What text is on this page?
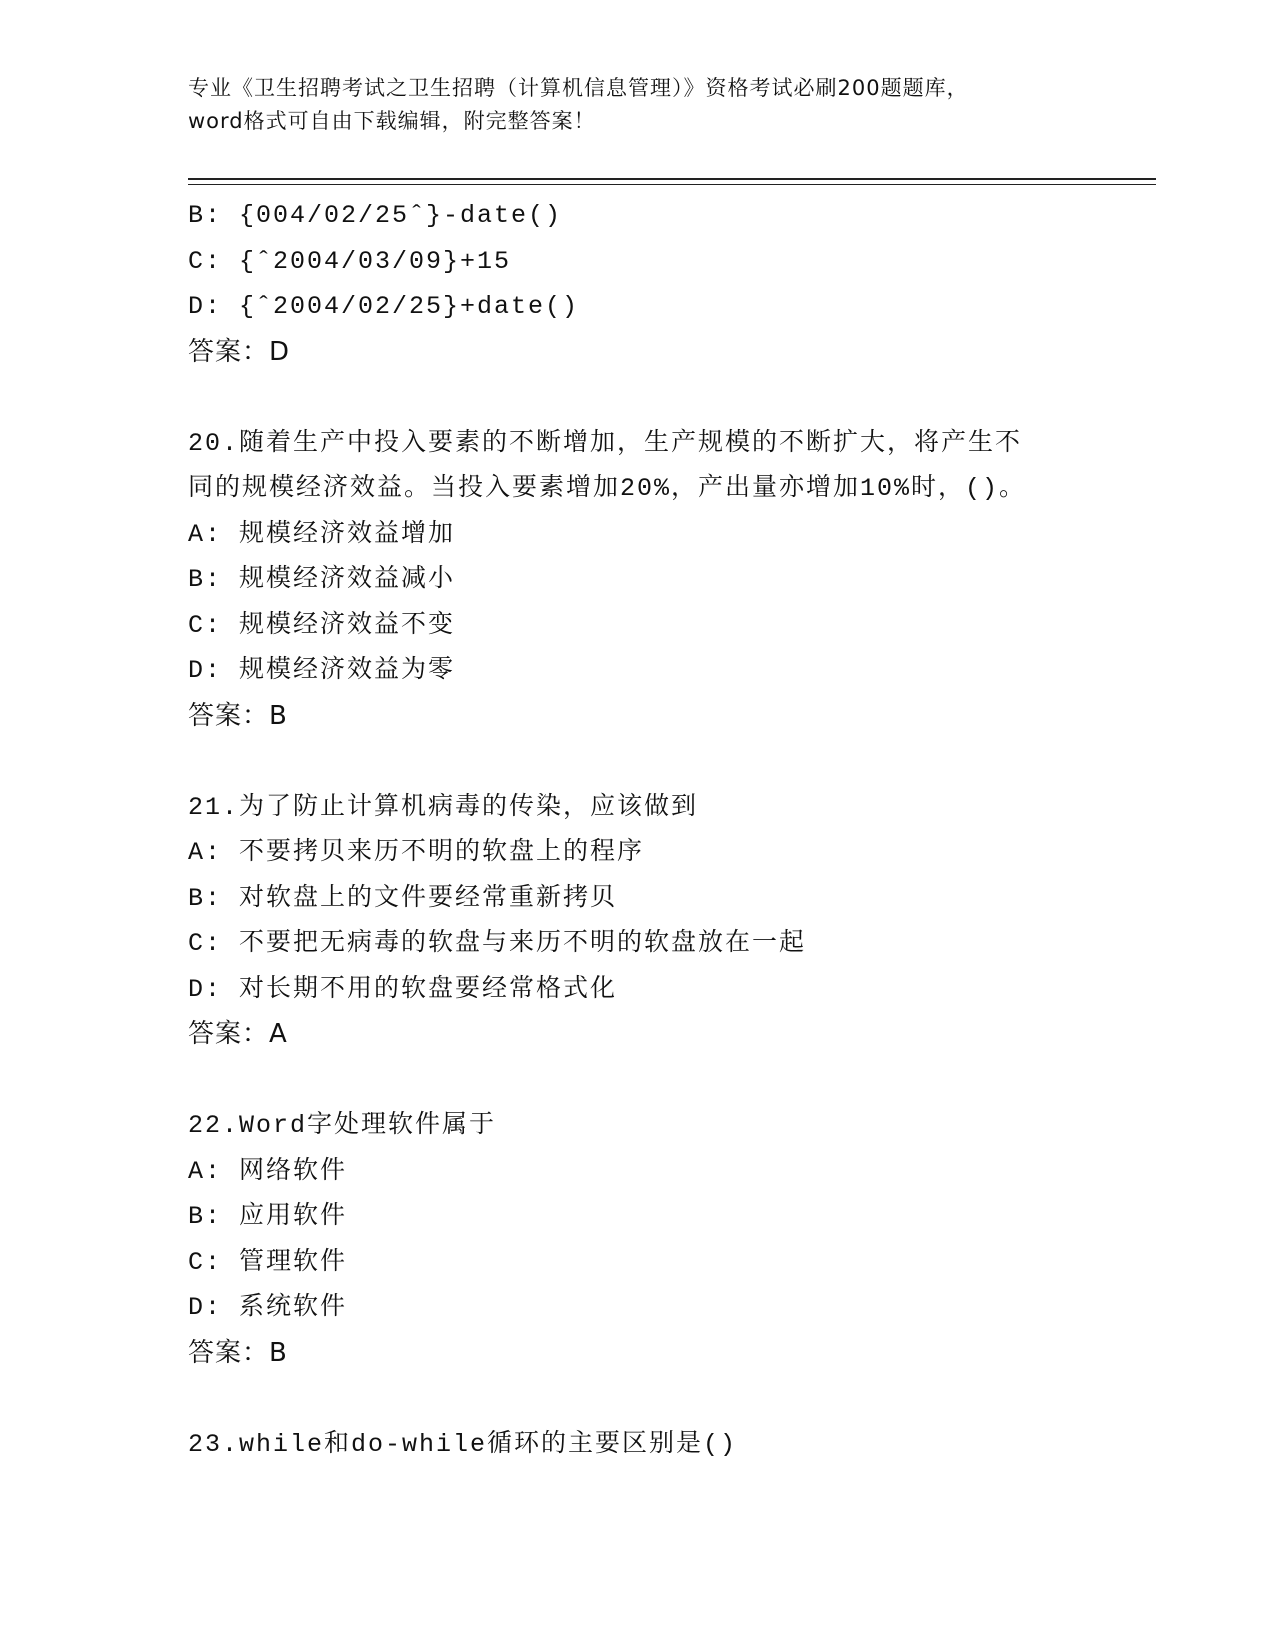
专业《卫生招聘考试之卫生招聘（计算机信息管理）》资格考试必刷200题题库，
word格式可自由下载编辑，附完整答案！
B: {004/02/25ˆ}-date()
C: {ˆ2004/03/09}+15
D: {ˆ2004/02/25}+date()
答案：D
20.随着生产中投入要素的不断增加，生产规模的不断扩大，将产生不
同的规模经济效益。当投入要素增加20%，产出量亦增加10%时，()。
A: 规模经济效益增加
B: 规模经济效益减小
C: 规模经济效益不变
D: 规模经济效益为零
答案：B
21.为了防止计算机病毒的传染，应该做到
A: 不要拷贝来历不明的软盘上的程序
B: 对软盘上的文件要经常重新拷贝
C: 不要把无病毒的软盘与来历不明的软盘放在一起
D: 对长期不用的软盘要经常格式化
答案：A
22.Word字处理软件属于
A: 网络软件
B: 应用软件
C: 管理软件
D: 系统软件
答案：B
23.while和do-while循环的主要区别是()
